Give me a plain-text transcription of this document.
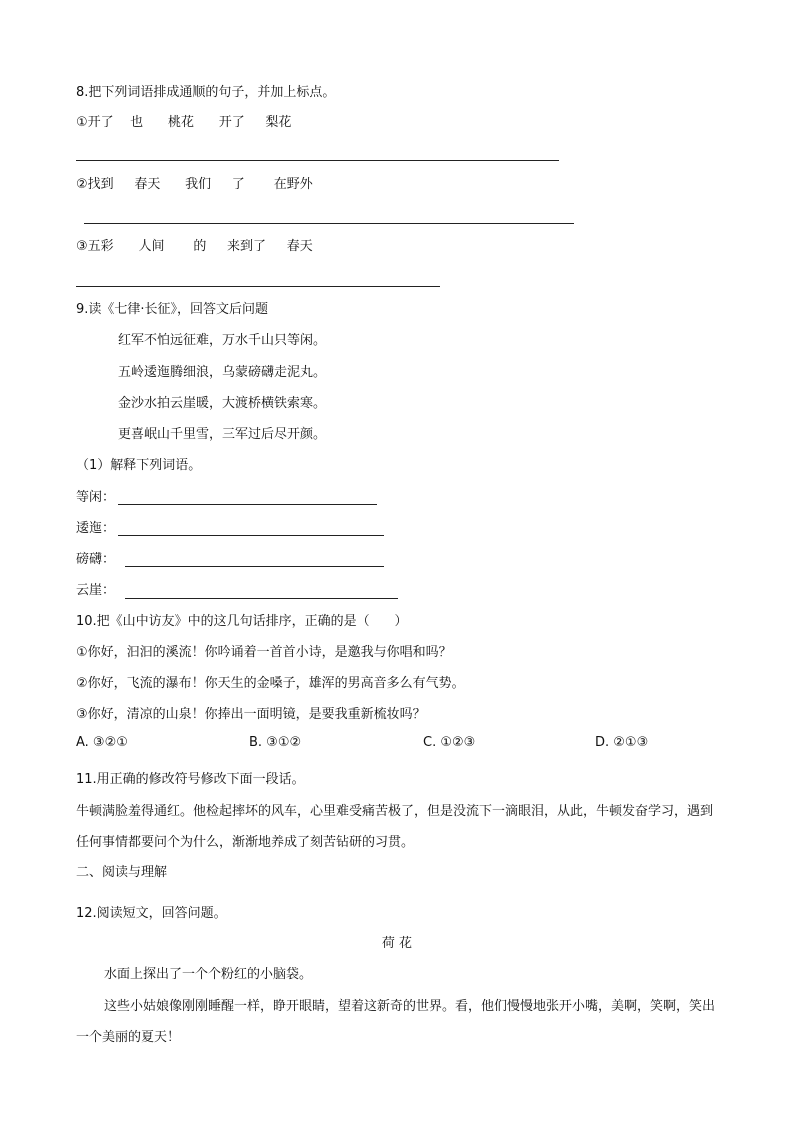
8.把下列词语排成通顺的句子，并加上标点。
①开了    也      桃花      开了     梨花
②找到     春天      我们     了       在野外
③五彩      人间       的     来到了     春天
9.读《七律·长征》，回答文后问题
红军不怕远征难，万水千山只等闲。
五岭逶迤腾细浪，乌蒙磅礴走泥丸。
金沙水拍云崖暖，大渡桥横铁索寒。
更喜岷山千里雪，三军过后尽开颜。
（1）解释下列词语。
等闲：
逶迤：
磅礴：
云崖：
10.把《山中访友》中的这几句话排序，正确的是（      ）
①你好，汩汩的溪流！你吟诵着一首首小诗，是邀我与你唱和吗？
②你好，飞流的瀑布！你天生的金嗓子，雄浑的男高音多么有气势。
③你好，清凉的山泉！你捧出一面明镜，是要我重新梳妆吗？
A. ③②①	B. ③①②	C. ①②③	D. ②①③
11.用正确的修改符号修改下面一段话。
牛顿满脸羞得通红。他检起摔坏的风车，心里难受痛苦极了，但是没流下一滴眼泪，从此，牛顿发奋学习，遇到任何事情都要问个为什么，渐渐地养成了刻苦钻研的习贯。
二、阅读与理解
12.阅读短文，回答问题。
荷 花
水面上探出了一个个粉红的小脑袋。
这些小姑娘像刚刚睡醒一样，睁开眼睛，望着这新奇的世界。看，他们慢慢地张开小嘴，美啊，笑啊，笑出一个美丽的夏天！
